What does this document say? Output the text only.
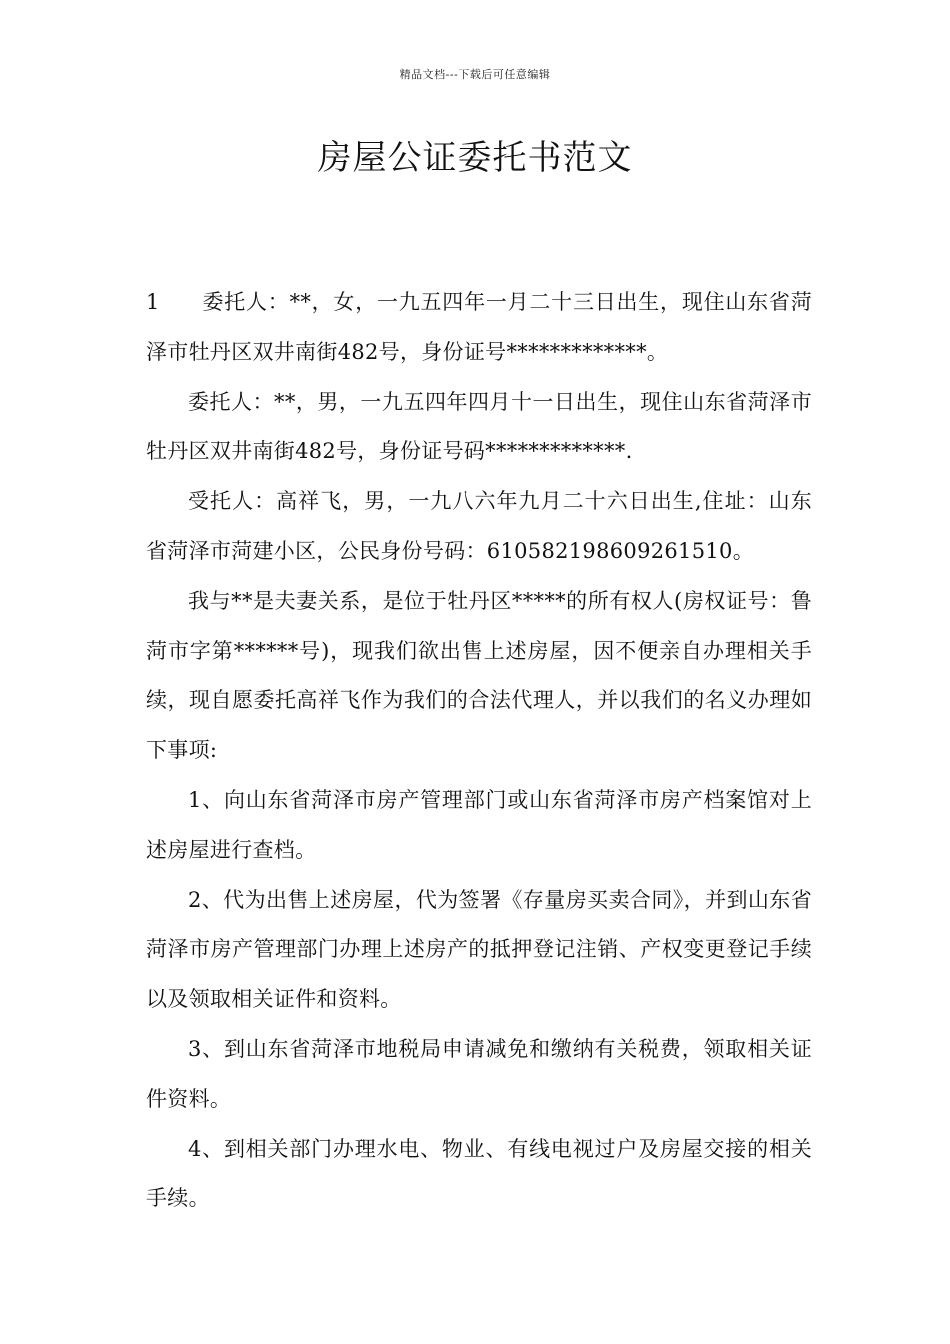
精品文档---下载后可任意编辑
房屋公证委托书范文

1 委托人：**，女，一九五四年一月二十三日出生，现住山东省菏泽市牡丹区双井南街482号，身份证号*************。

委托人：**，男，一九五四年四月十一日出生，现住山东省菏泽市牡丹区双井南街482号，身份证号码*************.

受托人：高祥飞，男，一九八六年九月二十六日出生,住址：山东省菏泽市菏建小区，公民身份号码：610582198609261510。

我与**是夫妻关系，是位于牡丹区*****的所有权人(房权证号：鲁菏市字第******号)，现我们欲出售上述房屋，因不便亲自办理相关手续，现自愿委托高祥飞作为我们的合法代理人，并以我们的名义办理如下事项:

1、向山东省菏泽市房产管理部门或山东省菏泽市房产档案馆对上述房屋进行查档。

2、代为出售上述房屋，代为签署《存量房买卖合同》，并到山东省菏泽市房产管理部门办理上述房产的抵押登记注销、产权变更登记手续以及领取相关证件和资料。

3、到山东省菏泽市地税局申请减免和缴纳有关税费，领取相关证件资料。

4、到相关部门办理水电、物业、有线电视过户及房屋交接的相关手续。
